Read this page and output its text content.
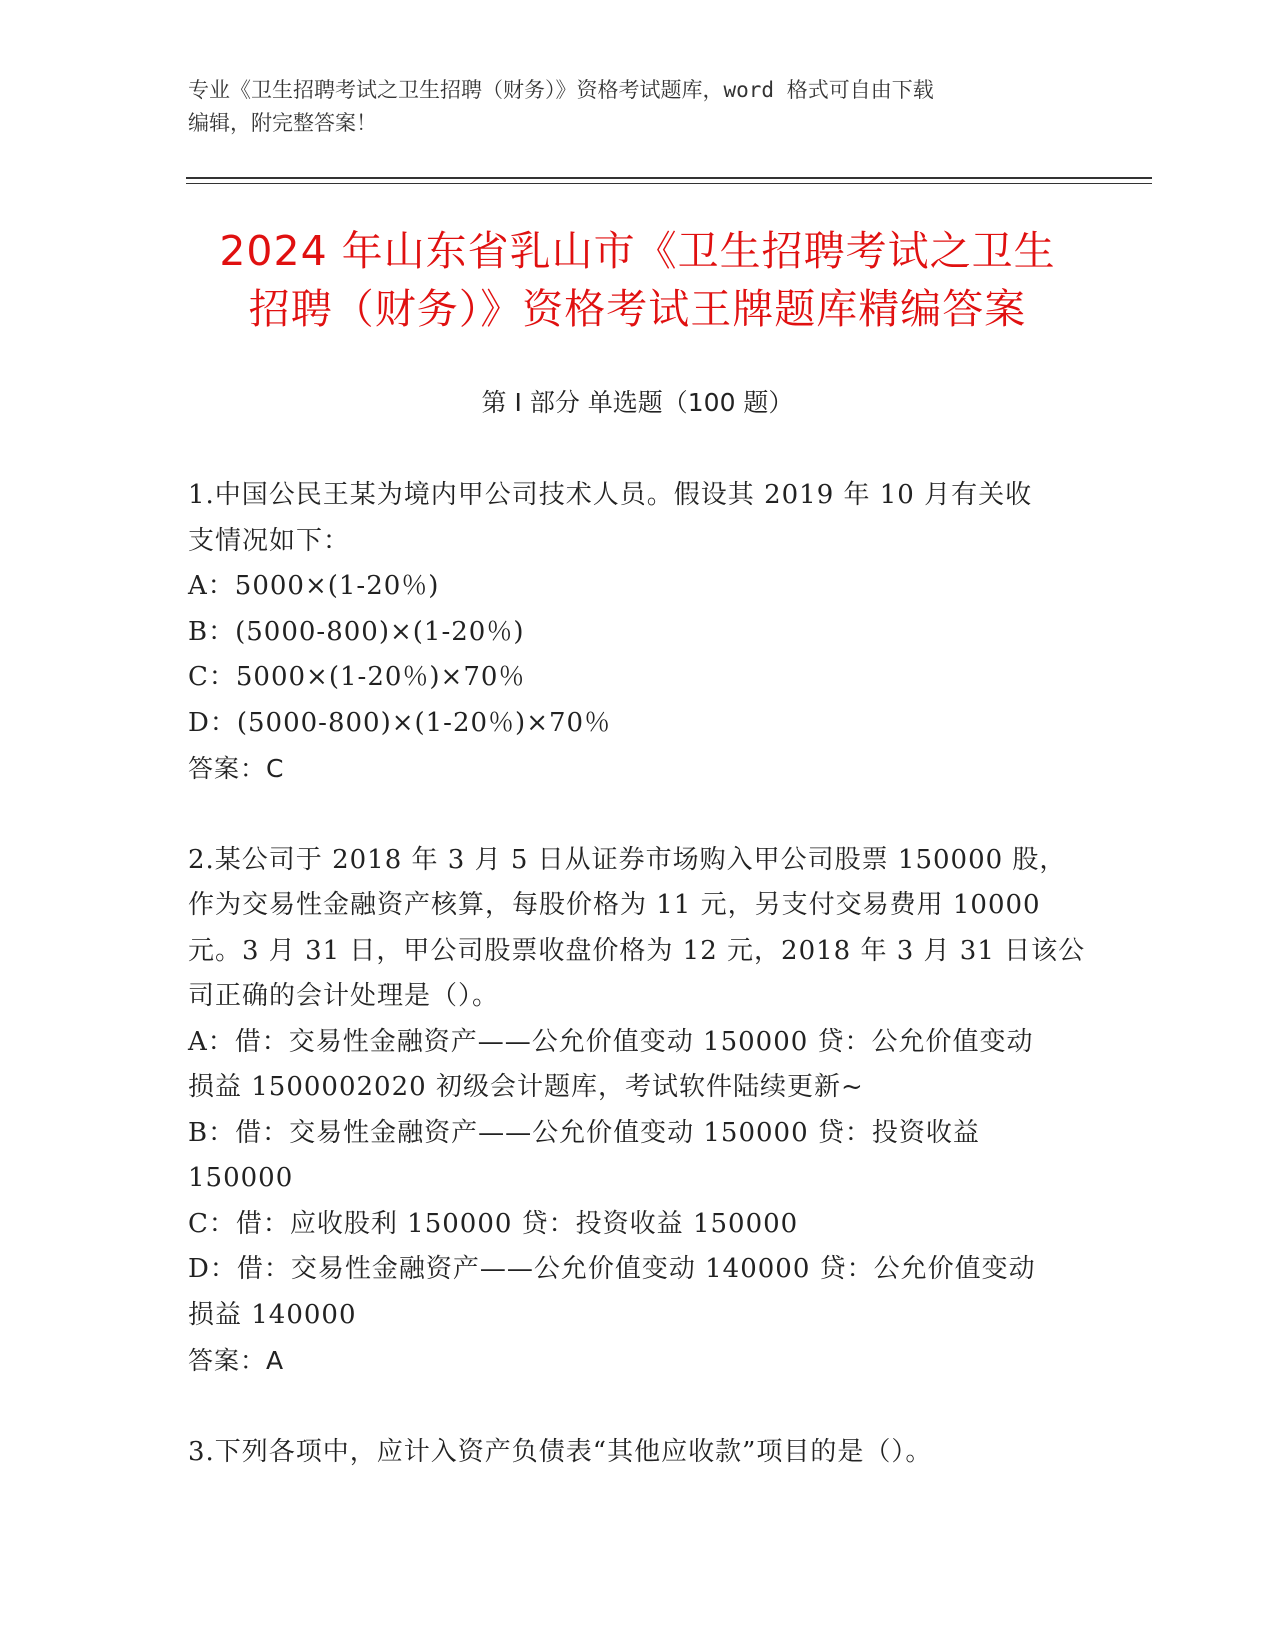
专业《卫生招聘考试之卫生招聘（财务）》资格考试题库，word 格式可自由下载
编辑，附完整答案！
2024 年山东省乳山市《卫生招聘考试之卫生
招聘（财务）》资格考试王牌题库精编答案
第 I 部分 单选题（100 题）

1.中国公民王某为境内甲公司技术人员。假设其 2019 年 10 月有关收

支情况如下：

A：5000×(1-20％)

B：(5000-800)×(1-20％)

C：5000×(1-20％)×70％

D：(5000-800)×(1-20％)×70％

答案：C

2.某公司于 2018 年 3 月 5 日从证券市场购入甲公司股票 150000 股，

作为交易性金融资产核算，每股价格为 11 元，另支付交易费用 10000

元。3 月 31 日，甲公司股票收盘价格为 12 元，2018 年 3 月 31 日该公

司正确的会计处理是（）。

A：借：交易性金融资产——公允价值变动 150000 贷：公允价值变动

损益 1500002020 初级会计题库，考试软件陆续更新~

B：借：交易性金融资产——公允价值变动 150000 贷：投资收益

150000

C：借：应收股利 150000 贷：投资收益 150000

D：借：交易性金融资产——公允价值变动 140000 贷：公允价值变动

损益 140000

答案：A

3.下列各项中，应计入资产负债表“其他应收款”项目的是（）。
